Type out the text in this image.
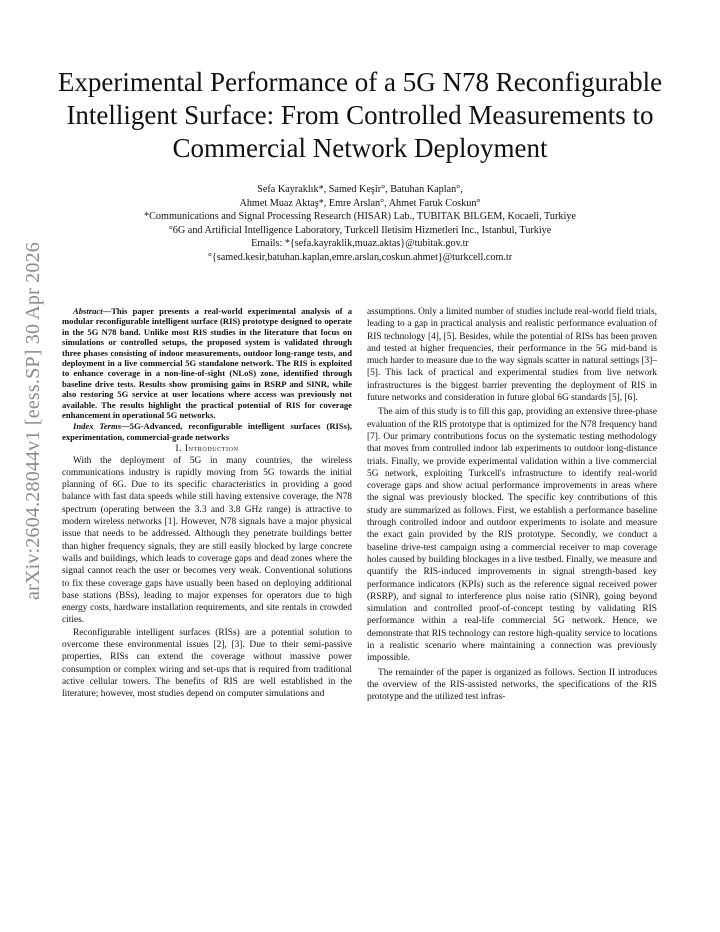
arXiv:2604.28044v1 [eess.SP] 30 Apr 2026
Experimental Performance of a 5G N78 Reconfigurable Intelligent Surface: From Controlled Measurements to Commercial Network Deployment
Sefa Kayraklık*, Samed Keşir°, Batuhan Kaplan°,
Ahmet Muaz Aktaş*, Emre Arslan°, Ahmet Faruk Coskun°
*Communications and Signal Processing Research (HISAR) Lab., TUBITAK BILGEM, Kocaeli, Turkiye
°6G and Artificial Intelligence Laboratory, Turkcell Iletisim Hizmetleri Inc., Istanbul, Turkiye
Emails: *{sefa.kayraklik,muaz.aktas}@tubitak.gov.tr
°{samed.kesir,batuhan.kaplan,emre.arslan,coskun.ahmet}@turkcell.com.tr

Abstract—This paper presents a real-world experimental analysis of a modular reconfigurable intelligent surface (RIS) prototype designed to operate in the 5G N78 band. Unlike most RIS studies in the literature that focus on simulations or controlled setups, the proposed system is validated through three phases consisting of indoor measurements, outdoor long-range tests, and deployment in a live commercial 5G standalone network. The RIS is exploited to enhance coverage in a non-line-of-sight (NLoS) zone, identified through baseline drive tests. Results show promising gains in RSRP and SINR, while also restoring 5G service at user locations where access was previously not available. The results highlight the practical potential of RIS for coverage enhancement in operational 5G networks.

Index Terms—5G-Advanced, reconfigurable intelligent surfaces (RISs), experimentation, commercial-grade networks

I. Introduction

With the deployment of 5G in many countries, the wireless communications industry is rapidly moving from 5G towards the initial planning of 6G. Due to its specific characteristics in providing a good balance with fast data speeds while still having extensive coverage, the N78 spectrum (operating between the 3.3 and 3.8 GHz range) is attractive to modern wireless networks [1]. However, N78 signals have a major physical issue that needs to be addressed. Although they penetrate buildings better than higher frequency signals, they are still easily blocked by large concrete walls and buildings, which leads to coverage gaps and dead zones where the signal cannot reach the user or becomes very weak. Conventional solutions to fix these coverage gaps have usually been based on deploying additional base stations (BSs), leading to major expenses for operators due to high energy costs, hardware installation requirements, and site rentals in crowded cities.

Reconfigurable intelligent surfaces (RISs) are a potential solution to overcome these environmental issues [2], [3]. Due to their semi-passive properties, RISs can extend the coverage without massive power consumption or complex wiring and set-ups that is required from traditional active cellular towers. The benefits of RIS are well established in the literature; however, most studies depend on computer simulations and

assumptions. Only a limited number of studies include real-world field trials, leading to a gap in practical analysis and realistic performance evaluation of RIS technology [4], [5]. Besides, while the potential of RISs has been proven and tested at higher frequencies, their performance in the 5G mid-band is much harder to measure due to the way signals scatter in natural settings [3]–[5]. This lack of practical and experimental studies from live network infrastructures is the biggest barrier preventing the deployment of RIS in future networks and consideration in future global 6G standards [5], [6].

The aim of this study is to fill this gap, providing an extensive three-phase evaluation of the RIS prototype that is optimized for the N78 frequency band [7]. Our primary contributions focus on the systematic testing methodology that moves from controlled indoor lab experiments to outdoor long-distance trials. Finally, we provide experimental validation within a live commercial 5G network, exploiting Turkcell's infrastructure to identify real-world coverage gaps and show actual performance improvements in areas where the signal was previously blocked. The specific key contributions of this study are summarized as follows. First, we establish a performance baseline through controlled indoor and outdoor experiments to isolate and measure the exact gain provided by the RIS prototype. Secondly, we conduct a baseline drive-test campaign using a commercial receiver to map coverage holes caused by building blockages in a live testbed. Finally, we measure and quantify the RIS-induced improvements in signal strength-based key performance indicators (KPIs) such as the reference signal received power (RSRP), and signal to interference plus noise ratio (SINR), going beyond simulation and controlled proof-of-concept testing by validating RIS performance within a real-life commercial 5G network. Hence, we demonstrate that RIS technology can restore high-quality service to locations in a realistic scenario where maintaining a connection was previously impossible.

The remainder of the paper is organized as follows. Section II introduces the overview of the RIS-assisted networks, the specifications of the RIS prototype and the utilized test infras-
